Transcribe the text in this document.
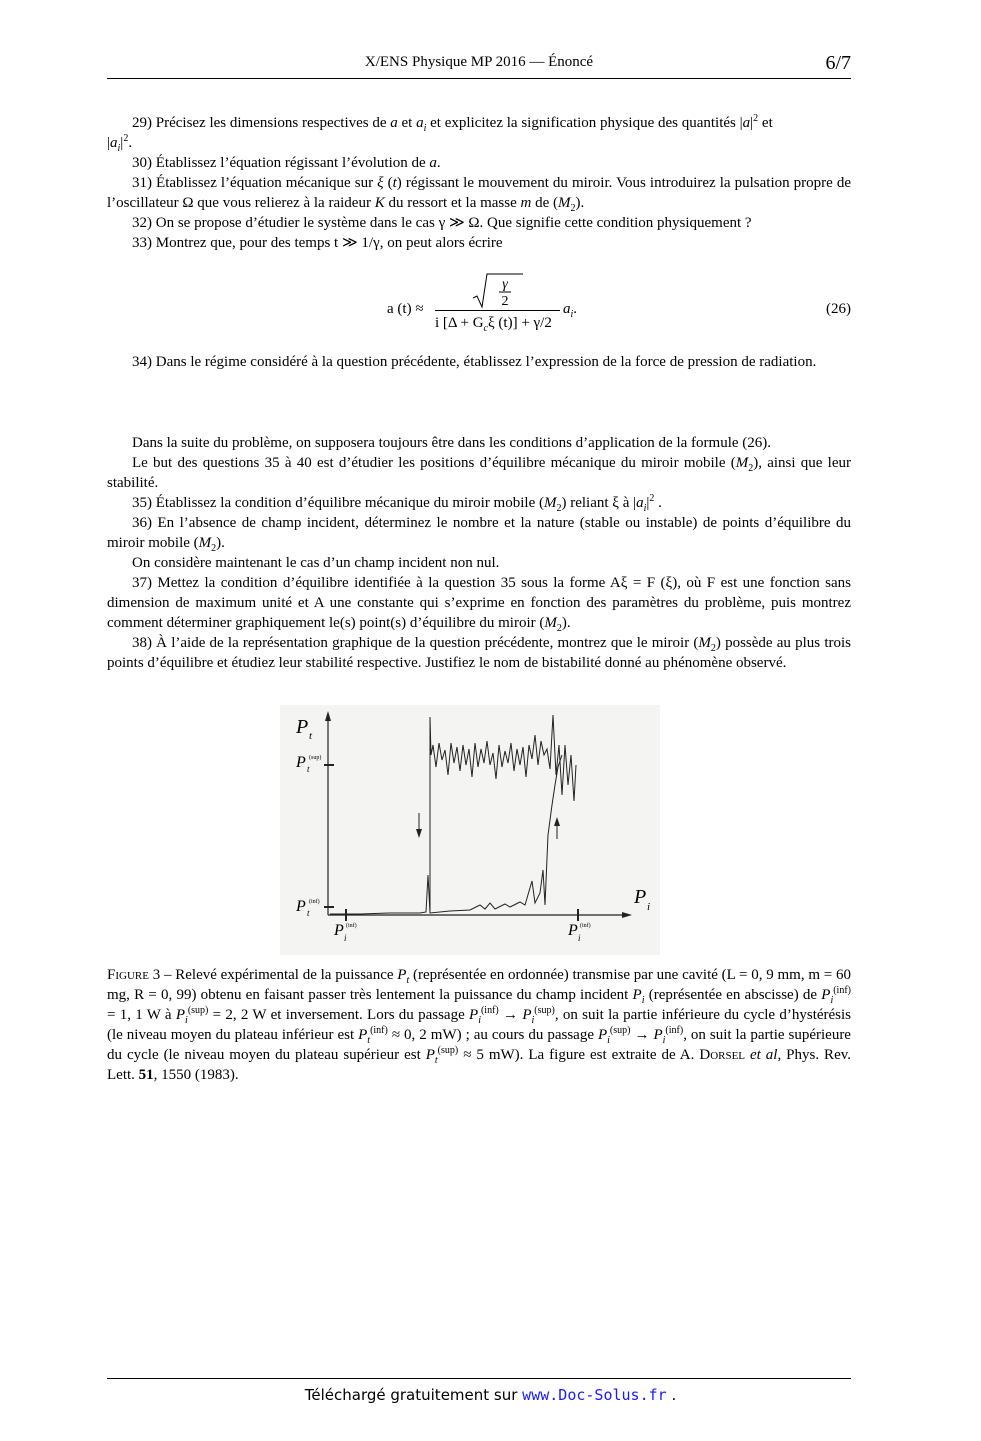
X/ENS Physique MP 2016 — Énoncé	6/7

29) Précisez les dimensions respectives de a et $a_i$ et explicitez la signification physique des quantités $|a|^2$ et
$|a_i|^2$.

30) Établissez l’équation régissant l’évolution de a.

31) Établissez l’équation mécanique sur ξ (t) régissant le mouvement du miroir. Vous introduirez la pulsation propre de l’oscillateur Ω que vous relierez à la raideur K du ressort et la masse m de $(M_2)$.

32) On se propose d’étudier le système dans le cas γ ≫ Ω. Que signifie cette condition physiquement ?

33) Montrez que, pour des temps t ≫ 1/γ, on peut alors écrire

a (t) ≈
γ
2
i [$\Delta + G_c\xi$ (t)] + γ/2
$a_i$.	(26)

34) Dans le régime considéré à la question précédente, établissez l’expression de la force de pression de radiation.

Dans la suite du problème, on supposera toujours être dans les conditions d’application de la formule (26).

Le but des questions 35 à 40 est d’étudier les positions d’équilibre mécanique du miroir mobile $(M_2)$, ainsi que leur stabilité.

35) Établissez la condition d’équilibre mécanique du miroir mobile $(M_2)$ reliant ξ à $|a_i|^2$ .

36) En l’absence de champ incident, déterminez le nombre et la nature (stable ou instable) de points d’équilibre du miroir mobile $(M_2)$.

On considère maintenant le cas d’un champ incident non nul.

37) Mettez la condition d’équilibre identifiée à la question 35 sous la forme Aξ = F (ξ), où F est une fonction sans dimension de maximum unité et A une constante qui s’exprime en fonction des paramètres du problème, puis montrez comment déterminer graphiquement le(s) point(s) d’équilibre du miroir $(M_2)$.

38) À l’aide de la représentation graphique de la question précédente, montrez que le miroir $(M_2)$ possède au plus trois points d’équilibre et étudiez leur stabilité respective. Justifiez le nom de bistabilité donné au phénomène observé.

P t
P t
(sup)
P t
(inf)	P i
P i
(inf)	P i
(inf)
Figure 3 – Relevé expérimental de la puissance $P_t$ (représentée en ordonnée) transmise par une cavité (L = 0, 9 mm, m = 60 mg, R = 0, 99) obtenu en faisant passer très lentement la puissance du champ incident $P_i$ (représentée en abscisse) de $P_i^{(inf)} = 1$, 1 W à $P_i^{(sup)} = 2$, 2 W et inversement. Lors du passage $P_i^{(inf)} \to P_i^{(sup)}$, on suit la partie inférieure du cycle d’hystérésis (le niveau moyen du plateau inférieur est $P_t^{(inf)} \approx 0$, 2 mW) ; au cours du passage $P_i^{(sup)} \to P_i^{(inf)}$, on suit la partie supérieure du cycle (le niveau moyen du plateau supérieur est $P_t^{(sup)} \approx 5$ mW). La figure est extraite de A. Dorsel et al, Phys. Rev. Lett. 51, 1550 (1983).
Téléchargé gratuitement sur www.Doc-Solus.fr .
